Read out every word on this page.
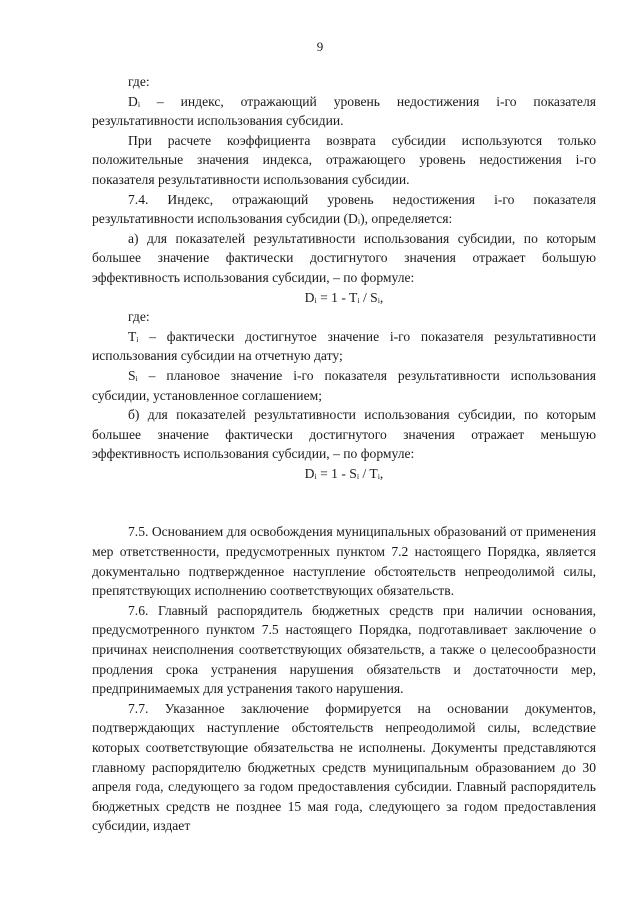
9

где:

Dᵢ – индекс, отражающий уровень недостижения i-го показателя результативности использования субсидии.

При расчете коэффициента возврата субсидии используются только положительные значения индекса, отражающего уровень недостижения i-го показателя результативности использования субсидии.

7.4. Индекс, отражающий уровень недостижения i-го показателя результативности использования субсидии (Dᵢ), определяется:

а) для показателей результативности использования субсидии, по которым большее значение фактически достигнутого значения отражает большую эффективность использования субсидии, – по формуле:

Dᵢ = 1 - Tᵢ / Sᵢ,

где:

Tᵢ – фактически достигнутое значение i-го показателя результативности использования субсидии на отчетную дату;

Sᵢ – плановое значение i-го показателя результативности использования субсидии, установленное соглашением;

б) для показателей результативности использования субсидии, по которым большее значение фактически достигнутого значения отражает меньшую эффективность использования субсидии, – по формуле:

Dᵢ = 1 - Sᵢ / Tᵢ,

7.5. Основанием для освобождения муниципальных образований от применения мер ответственности, предусмотренных пунктом 7.2 настоящего Порядка, является документально подтвержденное наступление обстоятельств непреодолимой силы, препятствующих исполнению соответствующих обязательств.

7.6. Главный распорядитель бюджетных средств при наличии основания, предусмотренного пунктом 7.5 настоящего Порядка, подготавливает заключение о причинах неисполнения соответствующих обязательств, а также о целесообразности продления срока устранения нарушения обязательств и достаточности мер, предпринимаемых для устранения такого нарушения.

7.7. Указанное заключение формируется на основании документов, подтверждающих наступление обстоятельств непреодолимой силы, вследствие которых соответствующие обязательства не исполнены. Документы представляются главному распорядителю бюджетных средств муниципальным образованием до 30 апреля года, следующего за годом предоставления субсидии. Главный распорядитель бюджетных средств не позднее 15 мая года, следующего за годом предоставления субсидии, издает
